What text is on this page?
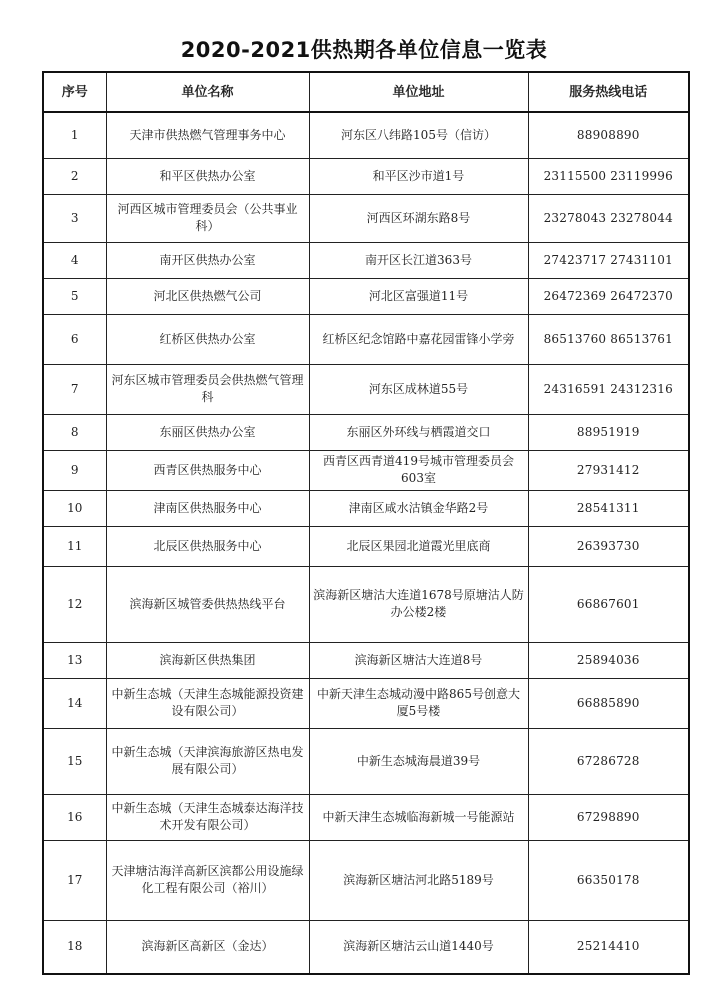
2020-2021供热期各单位信息一览表
序号	单位名称	单位地址	服务热线电话
1	天津市供热燃气管理事务中心	河东区八纬路105号（信访）	88908890
2	和平区供热办公室	和平区沙市道1号	23115500 23119996
3	河西区城市管理委员会（公共事业科）	河西区环湖东路8号	23278043 23278044
4	南开区供热办公室	南开区长江道363号	27423717 27431101
5	河北区供热燃气公司	河北区富强道11号	26472369 26472370
6	红桥区供热办公室	红桥区纪念馆路中嘉花园雷锋小学旁	86513760 86513761
7	河东区城市管理委员会供热燃气管理科	河东区成林道55号	24316591 24312316
8	东丽区供热办公室	东丽区外环线与栖霞道交口	88951919
9	西青区供热服务中心	西青区西青道419号城市管理委员会603室	27931412
10	津南区供热服务中心	津南区咸水沽镇金华路2号	28541311
11	北辰区供热服务中心	北辰区果园北道霞光里底商	26393730
12	滨海新区城管委供热热线平台	滨海新区塘沽大连道1678号原塘沽人防办公楼2楼	66867601
13	滨海新区供热集团	滨海新区塘沽大连道8号	25894036
14	中新生态城（天津生态城能源投资建设有限公司）	中新天津生态城动漫中路865号创意大厦5号楼	66885890
15	中新生态城（天津滨海旅游区热电发展有限公司）	中新生态城海晨道39号	67286728
16	中新生态城（天津生态城泰达海洋技术开发有限公司）	中新天津生态城临海新城一号能源站	67298890
17	天津塘沽海洋高新区滨都公用设施绿化工程有限公司（裕川）	滨海新区塘沽河北路5189号	66350178
18	滨海新区高新区（金达）	滨海新区塘沽云山道1440号	25214410
